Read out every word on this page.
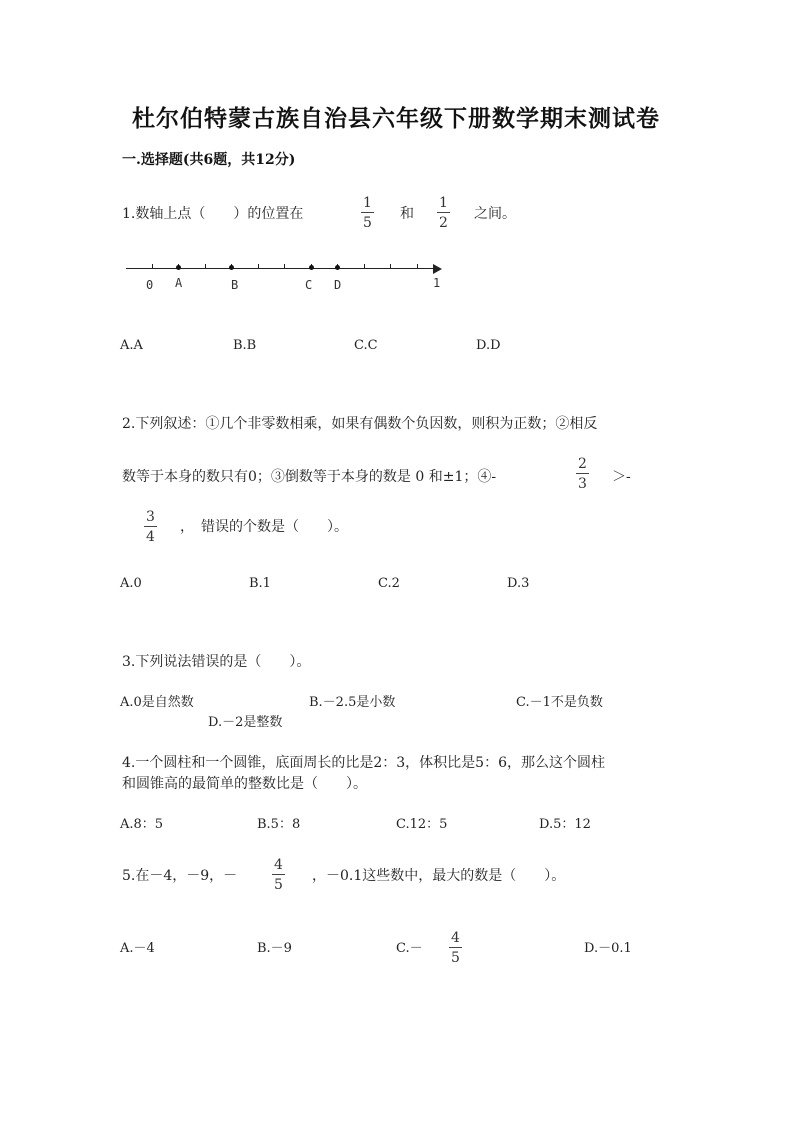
杜尔伯特蒙古族自治县六年级下册数学期末测试卷
一.选择题(共6题，共12分)
1.数轴上点（　　）的位置在	$\frac{1}{5}$ 和 $\frac{1}{2}$ 之间。
0 A	B	C D	1
A.A	B.B	C.C	D.D
2.下列叙述：①几个非零数相乘，如果有偶数个负因数，则积为正数；②相反
数等于本身的数只有0；③倒数等于本身的数是 0 和±1；④-	$\frac{2}{3}$ ＞-
$\frac{3}{4}$ ，　错误的个数是（　　）。
A.0	B.1	C.2	D.3
3.下列说法错误的是（　　）。
A.0是自然数	B.－2.5是小数	C.－1不是负数
D.－2是整数
4.一个圆柱和一个圆锥，底面周长的比是2：3，体积比是5：6，那么这个圆柱
和圆锥高的最简单的整数比是（　　）。
A.8：5	B.5：8	C.12：5	D.5：12
5.在－4，－9，－ $\frac{4}{5}$ ，－0.1这些数中，最大的数是（　　）。
A.－4	B.－9	$C.- \frac{4}{5}$	D.－0.1
